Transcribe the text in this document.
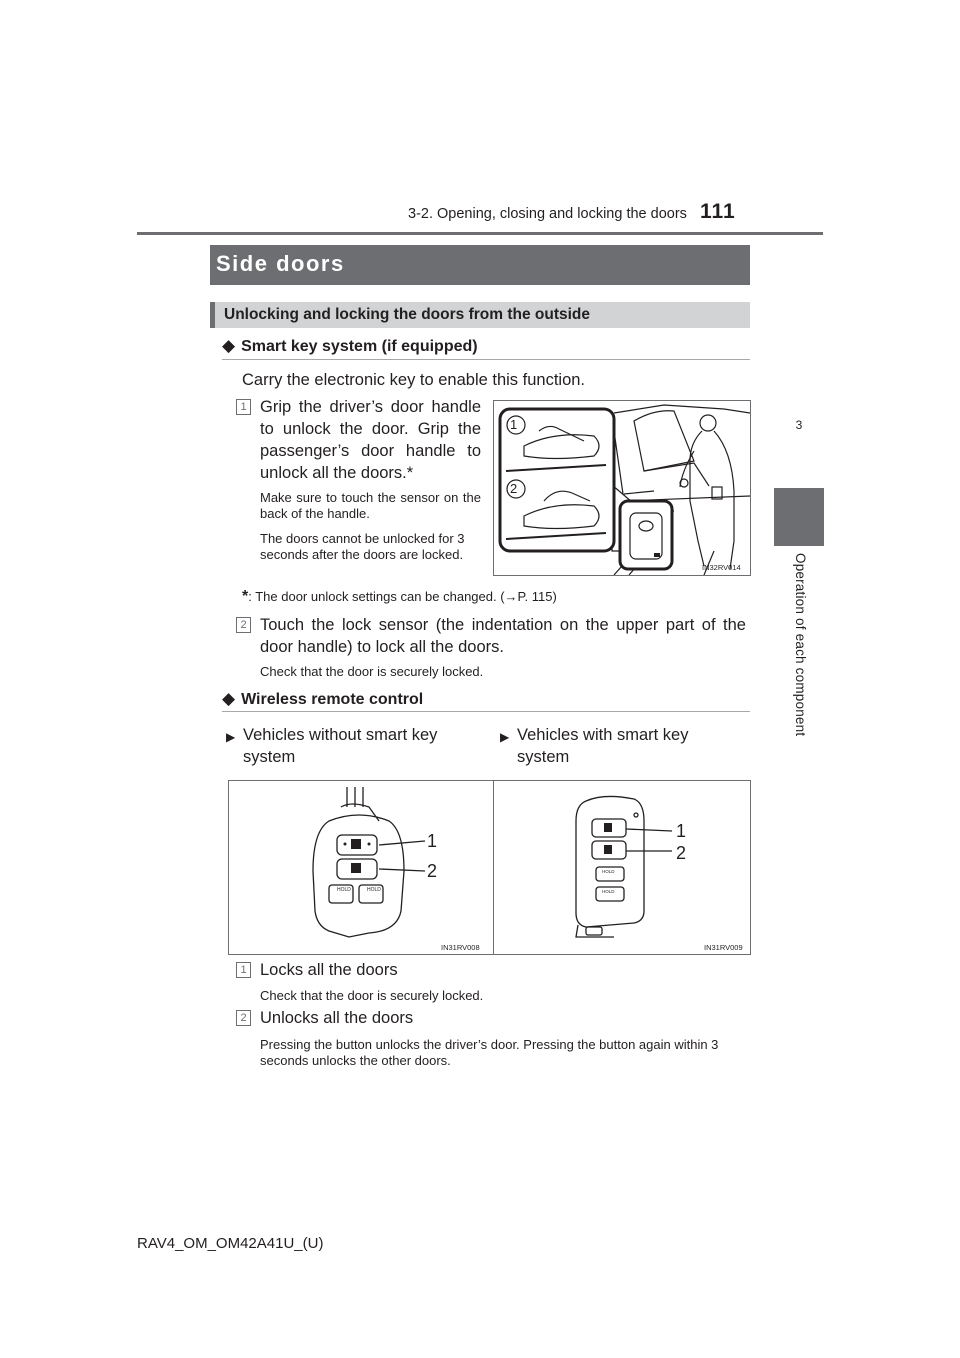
3-2. Opening, closing and locking the doors 111
3
Operation of each component
Side doors
Unlocking and locking the doors from the outside
◆ Smart key system (if equipped)
Carry the electronic key to enable this function.
1 Grip the driver’s door handle to unlock the door. Grip the passenger’s door handle to unlock all the doors.*
Make sure to touch the sensor on the back of the handle.
The doors cannot be unlocked for 3 seconds after the doors are locked.
1
2
IN32RV014
*: The door unlock settings can be changed. (→P. 115)
2 Touch the lock sensor (the indentation on the upper part of the door handle) to lock all the doors.
Check that the door is securely locked.
◆ Wireless remote control
▶ Vehicles without smart key system
▶ Vehicles with smart key system
HOLD	HOLD
1
2
IN31RV008
HOLD
HOLD
1
2
IN31RV009
1 Locks all the doors
Check that the door is securely locked.
2 Unlocks all the doors
Pressing the button unlocks the driver’s door. Pressing the button again within 3 seconds unlocks the other doors.
RAV4_OM_OM42A41U_(U)
